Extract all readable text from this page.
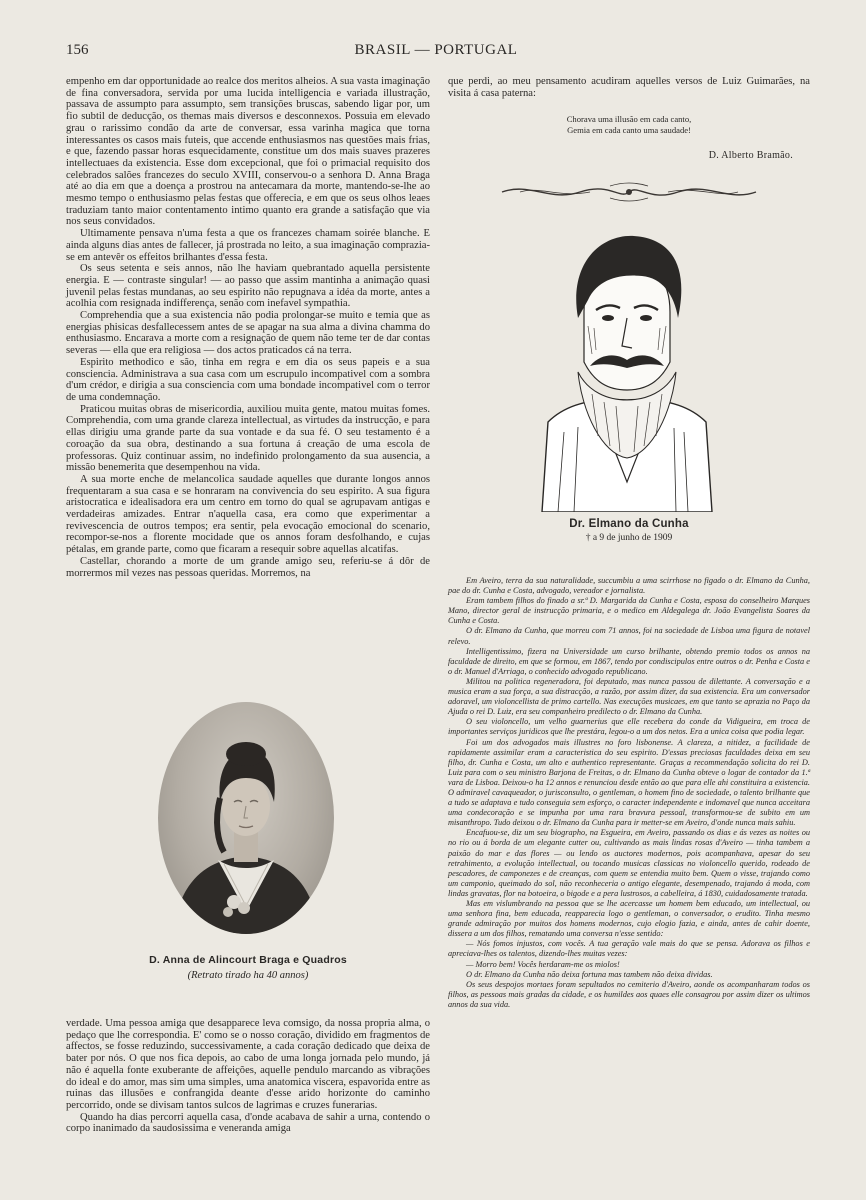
156	BRASIL — PORTUGAL

empenho em dar opportunidade ao realce dos meritos alheios. A sua vasta imaginação de fina conversadora, servida por uma lucida intelligencia e variada illustração, passava de assumpto para assumpto, sem transições bruscas, sabendo ligar por, um fio subtil de deducção, os themas mais diversos e desconnexos. Possuia em elevado grau o rarissimo condão da arte de conversar, essa varinha magica que torna interessantes os casos mais futeis, que accende enthusiasmos nas questões mais frias, e que, fazendo passar horas esquecidamente, constitue um dos mais suaves prazeres intellectuaes da existencia. Esse dom excepcional, que foi o primacial requisito dos celebrados salões francezes do seculo XVIII, conservou-o a senhora D. Anna Braga até ao dia em que a doença a prostrou na antecamara da morte, mantendo-se-lhe ao mesmo tempo o enthusiasmo pelas festas que offerecia, e em que os seus olhos leaes traduziam tanto maior contentamento intimo quanto era grande a satisfação que via nos seus convidados.

Ultimamente pensava n'uma festa a que os francezes chamam soirée blanche. E ainda alguns dias antes de fallecer, já prostrada no leito, a sua imaginação comprazia-se em antevêr os effeitos brilhantes d'essa festa.

Os seus setenta e seis annos, não lhe haviam quebrantado aquella persistente energia. E — contraste singular! — ao passo que assim mantinha a animação quasi juvenil pelas festas mundanas, ao seu espirito não repugnava a idéa da morte, antes a acolhia com resignada indifferença, senão com inefavel sympathia.

Comprehendia que a sua existencia não podia prolongar-se muito e temia que as energias phisicas desfallecessem antes de se apagar na sua alma a divina chamma do enthusiasmo. Encarava a morte com a resignação de quem não teme ter de dar contas severas — ella que era religiosa — dos actos praticados cá na terra.

Espirito methodico e são, tinha em regra e em dia os seus papeis e a sua consciencia. Administrava a sua casa com um escrupulo incompativel com a sombra d'um crédor, e dirigia a sua consciencia com uma bondade incompativel com o terror de uma condemnação.

Praticou muitas obras de misericordia, auxiliou muita gente, matou muitas fomes. Comprehendia, com uma grande clareza intellectual, as virtudes da instrucção, e para ellas dirigiu uma grande parte da sua vontade e da sua fé. O seu testamento é a coroação da sua obra, destinando a sua fortuna á creação de uma escola de professoras. Quiz continuar assim, no indefinido prolongamento da sua ausencia, a missão benemerita que desempenhou na vida.

A sua morte enche de melancolica saudade aquelles que durante longos annos frequentaram a sua casa e se honraram na convivencia do seu espirito. A sua figura aristocratica e idealisadora era um centro em torno do qual se agrupavam antigas e verdadeiras amizades. Entrar n'aquella casa, era como que experimentar a revivescencia de outros tempos; era sentir, pela evocação emocional do scenario, recompor-se-nos a florente mocidade que os annos foram desfolhando, e cujas pétalas, em grande parte, como que ficaram a resequir sobre aquellas alcatifas.

Castellar, chorando a morte de um grande amigo seu, referiu-se á dôr de morrermos mil vezes nas pessoas queridas. Morremos, na

D. Anna de Alincourt Braga e Quadros
(Retrato tirado ha 40 annos)

verdade. Uma pessoa amiga que desapparece leva comsigo, da nossa propria alma, o pedaço que lhe correspondia. E' como se o nosso coração, dividido em fragmentos de affectos, se fosse reduzindo, successivamente, a cada coração dedicado que deixa de bater por nós. O que nos fica depois, ao cabo de uma longa jornada pelo mundo, já não é aquella fonte exuberante de affeições, aquelle pendulo marcando as vibrações do ideal e do amor, mas sim uma simples, uma anatomica viscera, espavorida entre as ruinas das illusões e confrangida deante d'esse arido horizonte do caminho percorrido, onde se divisam tantos sulcos de lagrimas e cruzes funerarias.

Quando ha dias percorri aquella casa, d'onde acabava de sahir a urna, contendo o corpo inanimado da saudosissima e veneranda amiga

que perdi, ao meu pensamento acudiram aquelles versos de Luiz Guimarães, na visita á casa paterna:

Chorava uma illusão em cada canto,
Gemia em cada canto uma saudade!
D. Alberto Bramão.
Dr. Elmano da Cunha
† a 9 de junho de 1909

Em Aveiro, terra da sua naturalidade, succumbiu a uma scirrhose no figado o dr. Elmano da Cunha, pae do dr. Cunha e Costa, advogado, vereador e jornalista.

Eram tambem filhos do finado a sr.ª D. Margarida da Cunha e Costa, esposa do conselheiro Marques Mano, director geral de instrucção primaria, e o medico em Aldegalega dr. João Evangelista Soares da Cunha e Costa.

O dr. Elmano da Cunha, que morreu com 71 annos, foi na sociedade de Lisboa uma figura de notavel relevo.

Intelligentissimo, fizera na Universidade um curso brilhante, obtendo premio todos os annos na faculdade de direito, em que se formou, em 1867, tendo por condiscipulos entre outros o dr. Penha e Costa e o dr. Manuel d'Arriaga, o conhecido advogado republicano.

Militou na politica regeneradora, foi deputado, mas nunca passou de dilettante. A conversação e a musica eram a sua força, a sua distracção, a razão, por assim dizer, da sua existencia. Era um conversador adoravel, um violoncellista de primo cartello. Nas execuções musicaes, em que tanto se aprazia no Paço da Ajuda o rei D. Luiz, era seu companheiro predilecto o dr. Elmano da Cunha.

O seu violoncello, um velho guarnerius que elle recebera do conde da Vidigueira, em troca de importantes serviços juridicos que lhe prestára, legou-o a um dos netos. Era a unica coisa que podia legar.

Foi um dos advogados mais illustres no foro lisbonense. A clareza, a nitidez, a facilidade de rapidamente assimilar eram a caracteristica do seu espirito. D'essas preciosas faculdades deixa em seu filho, dr. Cunha e Costa, um alto e authentico representante. Graças a recommendação solicita do rei D. Luiz para com o seu ministro Barjona de Freitas, o dr. Elmano da Cunha obteve o logar de contador da 1.ª vara de Lisboa. Deixou-o ha 12 annos e renunciou desde então ao que para elle ahi constituira a existencia. O admiravel cavaqueador, o jurisconsulto, o gentleman, o homem fino de sociedade, o talento brilhante que a tudo se adaptava e tudo conseguia sem esforço, o caracter independente e indomavel que nunca acceitara uma condecoração e se impunha por uma rara bravura pessoal, transformou-se de subito em um misanthropo. Tudo deixou o dr. Elmano da Cunha para ir metter-se em Aveiro, d'onde nunca mais sahiu.

Encafuou-se, diz um seu biographo, na Esgueira, em Aveiro, passando os dias e ás vezes as noites ou no rio ou á borda de um elegante cutter ou, cultivando as mais lindas rosas d'Aveiro — tinha tambem a paixão do mar e das flores — ou lendo os auctores modernos, pois acompanhava, apesar do seu retrahimento, a evolução intellectual, ou tocando musicas classicas no violoncello querido, rodeado de pescadores, de camponezes e de creanças, com quem se entendia muito bem. Quem o visse, trajando como um camponio, queimado do sol, não reconheceria o antigo elegante, desempenado, trajando á moda, com lindas gravatas, flor na botoeira, o bigode e a pera lustrosos, a cabelleira, á 1830, cuidadosamente tratada.

Mas em vislumbrando na pessoa que se lhe acercasse um homem bem educado, um intellectual, ou uma senhora fina, bem educada, reapparecia logo o gentleman, o conversador, o erudito. Tinha mesmo grande admiração por muitos dos homens modernos, cujo elogio fazia, e ainda, antes de cahir doente, dissera a um dos filhos, rematando uma conversa n'esse sentido:

— Nós fomos injustos, com vocês. A tua geração vale mais do que se pensa. Adorava os filhos e apreciava-lhes os talentos, dizendo-lhes muitas vezes:

— Morro bem! Vocês herdaram-me os miolos!

O dr. Elmano da Cunha não deixa fortuna mas tambem não deixa dividas.

Os seus despojos mortaes foram sepultados no cemiterio d'Aveiro, aonde os acompanharam todos os filhos, as pessoas mais gradas da cidade, e os humildes aos quaes elle consagrou por assim dizer os ultimos annos da sua vida.
